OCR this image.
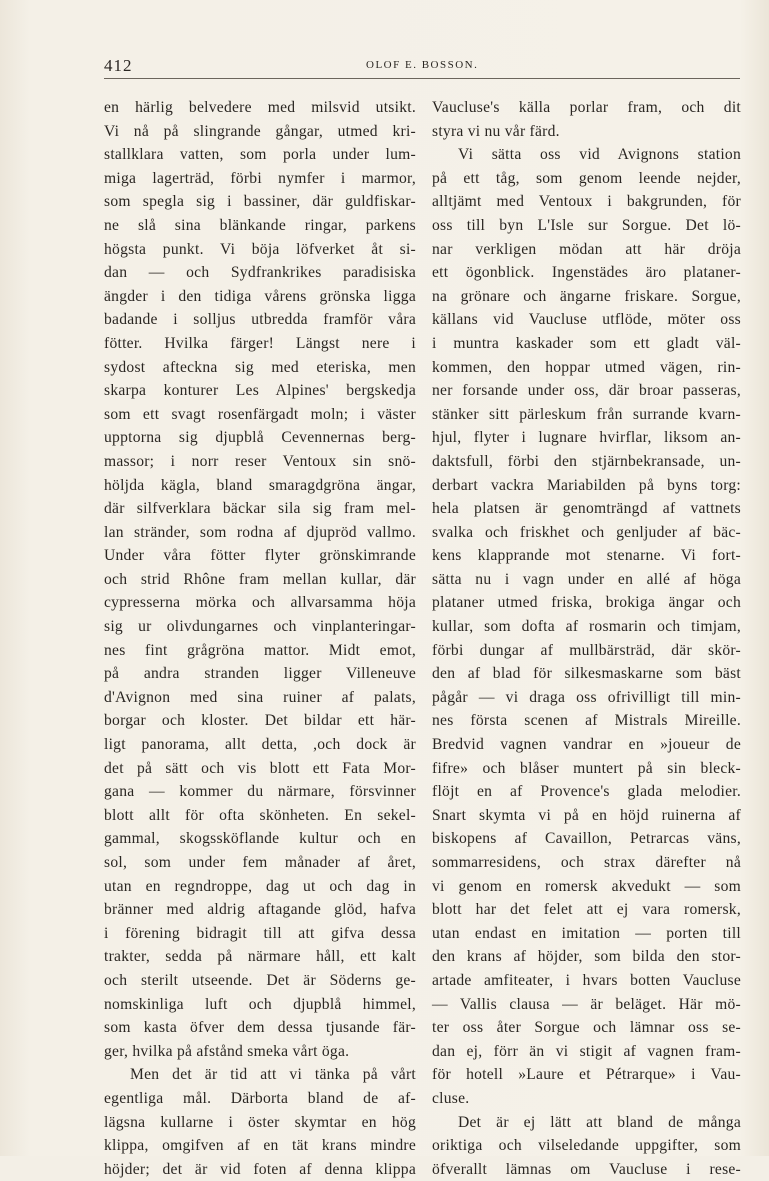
412	OLOF E. BOSSON.
en härlig belvedere med milsvid utsikt.
Vi nå på slingrande gångar, utmed kri-
stallklara vatten, som porla under lum-
miga lagerträd, förbi nymfer i marmor,
som spegla sig i bassiner, där guldfiskar-
ne slå sina blänkande ringar, parkens
högsta punkt. Vi böja löfverket åt si-
dan — och Sydfrankrikes paradisiska
ängder i den tidiga vårens grönska ligga
badande i solljus utbredda framför våra
fötter. Hvilka färger! Längst nere i
sydost afteckna sig med eteriska, men
skarpa konturer Les Alpines' bergskedja
som ett svagt rosenfärgadt moln; i väster
upptorna sig djupblå Cevennernas berg-
massor; i norr reser Ventoux sin snö-
höljda kägla, bland smaragdgröna ängar,
där silfverklara bäckar sila sig fram mel-
lan stränder, som rodna af djupröd vallmo.
Under våra fötter flyter grönskimrande
och strid Rhône fram mellan kullar, där
cypresserna mörka och allvarsamma höja
sig ur olivdungarnes och vinplanteringar-
nes fint grågröna mattor. Midt emot,
på andra stranden ligger Villeneuve
d'Avignon med sina ruiner af palats,
borgar och kloster. Det bildar ett här-
ligt panorama, allt detta, ,och dock är
det på sätt och vis blott ett Fata Mor-
gana — kommer du närmare, försvinner
blott allt för ofta skönheten. En sekel-
gammal, skogssköflande kultur och en
sol, som under fem månader af året,
utan en regndroppe, dag ut och dag in
bränner med aldrig aftagande glöd, hafva
i förening bidragit till att gifva dessa
trakter, sedda på närmare håll, ett kalt
och sterilt utseende. Det är Söderns ge-
nomskinliga luft och djupblå himmel,
som kasta öfver dem dessa tjusande fär-
ger, hvilka på afstånd smeka vårt öga.
Men det är tid att vi tänka på vårt
egentliga mål. Därborta bland de af-
lägsna kullarne i öster skymtar en hög
klippa, omgifven af en tät krans mindre
höjder; det är vid foten af denna klippa
Vaucluse's källa porlar fram, och dit
styra vi nu vår färd.
Vi sätta oss vid Avignons station
på ett tåg, som genom leende nejder,
alltjämt med Ventoux i bakgrunden, för
oss till byn L'Isle sur Sorgue. Det lö-
nar verkligen mödan att här dröja
ett ögonblick. Ingenstädes äro plataner-
na grönare och ängarne friskare. Sorgue,
källans vid Vaucluse utflöde, möter oss
i muntra kaskader som ett gladt väl-
kommen, den hoppar utmed vägen, rin-
ner forsande under oss, där broar passeras,
stänker sitt pärleskum från surrande kvarn-
hjul, flyter i lugnare hvirflar, liksom an-
daktsfull, förbi den stjärnbekransade, un-
derbart vackra Mariabilden på byns torg:
hela platsen är genomträngd af vattnets
svalka och friskhet och genljuder af bäc-
kens klapprande mot stenarne. Vi fort-
sätta nu i vagn under en allé af höga
plataner utmed friska, brokiga ängar och
kullar, som dofta af rosmarin och timjam,
förbi dungar af mullbärsträd, där skör-
den af blad för silkesmaskarne som bäst
pågår — vi draga oss ofrivilligt till min-
nes första scenen af Mistrals Mireille.
Bredvid vagnen vandrar en »joueur de
fifre» och blåser muntert på sin bleck-
flöjt en af Provence's glada melodier.
Snart skymta vi på en höjd ruinerna af
biskopens af Cavaillon, Petrarcas väns,
sommarresidens, och strax därefter nå
vi genom en romersk akvedukt — som
blott har det felet att ej vara romersk,
utan endast en imitation — porten till
den krans af höjder, som bilda den stor-
artade amfiteater, i hvars botten Vaucluse
— Vallis clausa — är beläget. Här mö-
ter oss åter Sorgue och lämnar oss se-
dan ej, förr än vi stigit af vagnen fram-
för hotell »Laure et Pétrarque» i Vau-
cluse.
Det är ej lätt att bland de många
oriktiga och vilseledande uppgifter, som
öfverallt lämnas om Vaucluse i rese-
